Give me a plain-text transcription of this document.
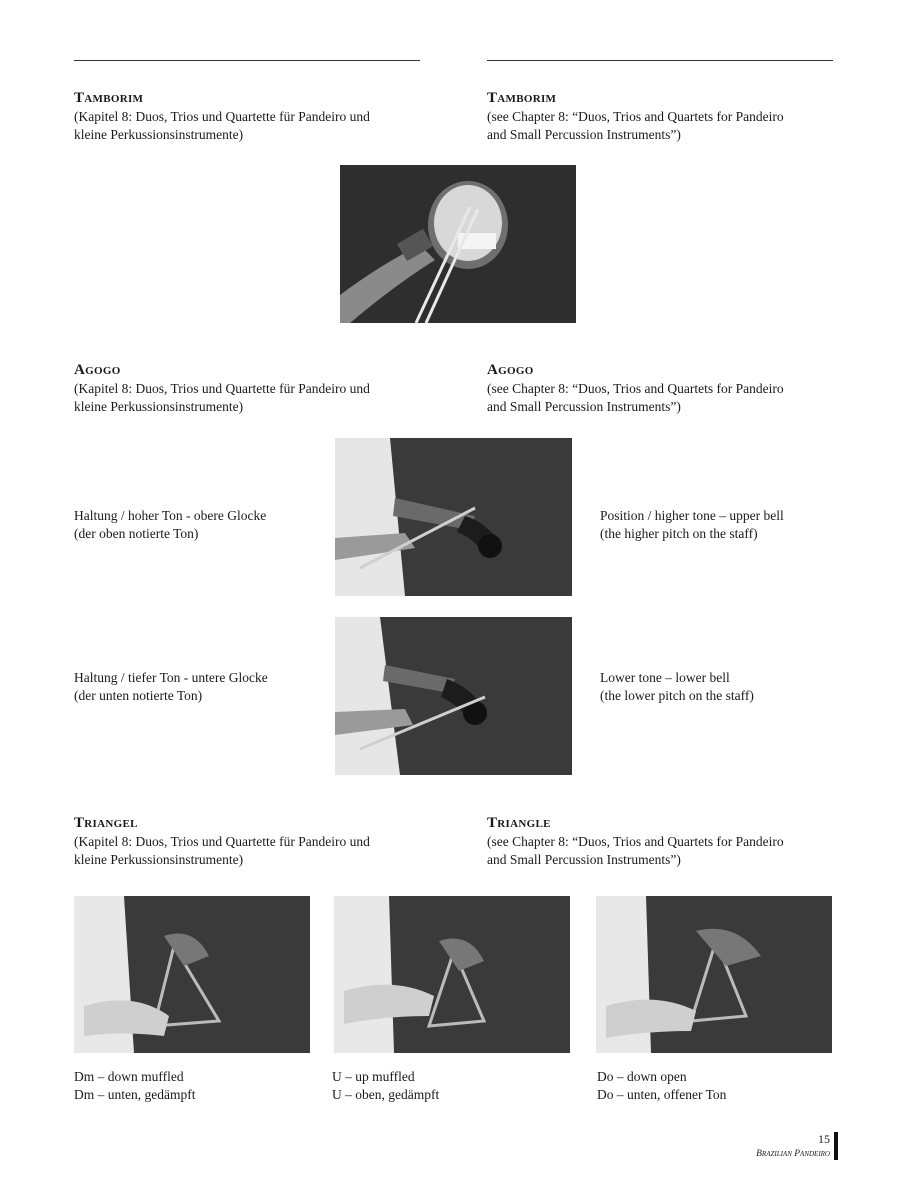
Tamborim
(Kapitel 8: Duos, Trios und Quartette für Pandeiro und
kleine Perkussionsinstrumente)
Tamborim
(see Chapter 8: “Duos, Trios and Quartets for Pandeiro
and Small Percussion Instruments”)
Agogo
(Kapitel 8: Duos, Trios und Quartette für Pandeiro und
kleine Perkussionsinstrumente)
Agogo
(see Chapter 8: “Duos, Trios and Quartets for Pandeiro
and Small Percussion Instruments”)
Haltung / hoher Ton - obere Glocke
(der oben notierte Ton)
Position / higher tone – upper bell
(the higher pitch on the staff)
Haltung / tiefer Ton - untere Glocke
(der unten notierte Ton)
Lower tone – lower bell
(the lower pitch on the staff)
Triangel
(Kapitel 8: Duos, Trios und Quartette für Pandeiro und
kleine Perkussionsinstrumente)
Triangle
(see Chapter 8: “Duos, Trios and Quartets for Pandeiro
and Small Percussion Instruments”)
Dm – down muffled
Dm – unten, gedämpft
U – up muffled
U – oben, gedämpft
Do – down open
Do – unten, offener Ton
15
Brazilian Pandeiro
